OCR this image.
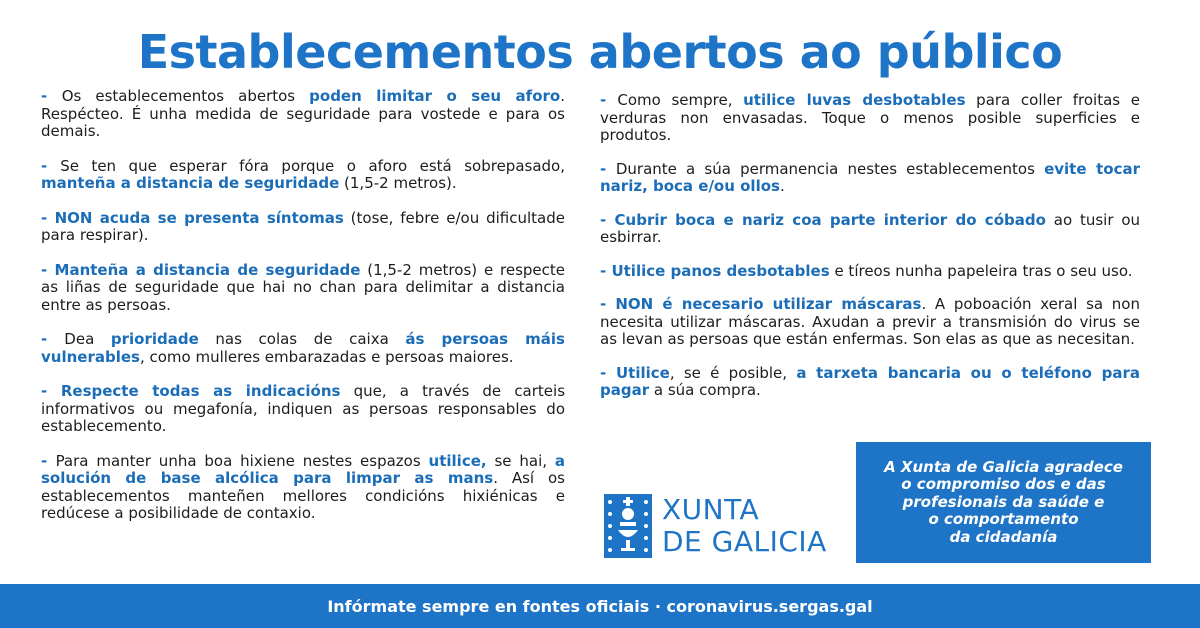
Establecementos abertos ao público

- Os establecementos abertos poden limitar o seu aforo. Respécteo. É unha medida de seguridade para vostede e para os demais.

- Se ten que esperar fóra porque o aforo está sobrepasado, manteña a distancia de seguridade (1,5-2 metros).

- NON acuda se presenta síntomas (tose, febre e/ou dificultade para respirar).

- Manteña a distancia de seguridade (1,5-2 metros) e respecte as liñas de seguridade que hai no chan para delimitar a distancia entre as persoas.

- Dea prioridade nas colas de caixa ás persoas máis vulnerables, como mulleres embarazadas e persoas maiores.

- Respecte todas as indicacións que, a través de carteis informativos ou megafonía, indiquen as persoas responsables do establecemento.

- Para manter unha boa hixiene nestes espazos utilice, se hai, a solución de base alcólica para limpar as mans. Así os establecementos manteñen mellores condicións hixiénicas e redúcese a posibilidade de contaxio.

- Como sempre, utilice luvas desbotables para coller froitas e verduras non envasadas. Toque o menos posible superficies e produtos.

- Durante a súa permanencia nestes establecementos evite tocar nariz, boca e/ou ollos.

- Cubrir boca e nariz coa parte interior do cóbado ao tusir ou esbirrar.

- Utilice panos desbotables e tíreos nunha papeleira tras o seu uso.

- NON é necesario utilizar máscaras. A poboación xeral sa non necesita utilizar máscaras. Axudan a previr a transmisión do virus se as levan as persoas que están enfermas. Son elas as que as necesitan.

- Utilice, se é posible, a tarxeta bancaria ou o teléfono para pagar a súa compra.

XUNTA
DE GALICIA
A Xunta de Galicia agradece
o compromiso dos e das
profesionais da saúde e
o comportamento
da cidadanía
Infórmate sempre en fontes oficiais · coronavirus.sergas.gal
